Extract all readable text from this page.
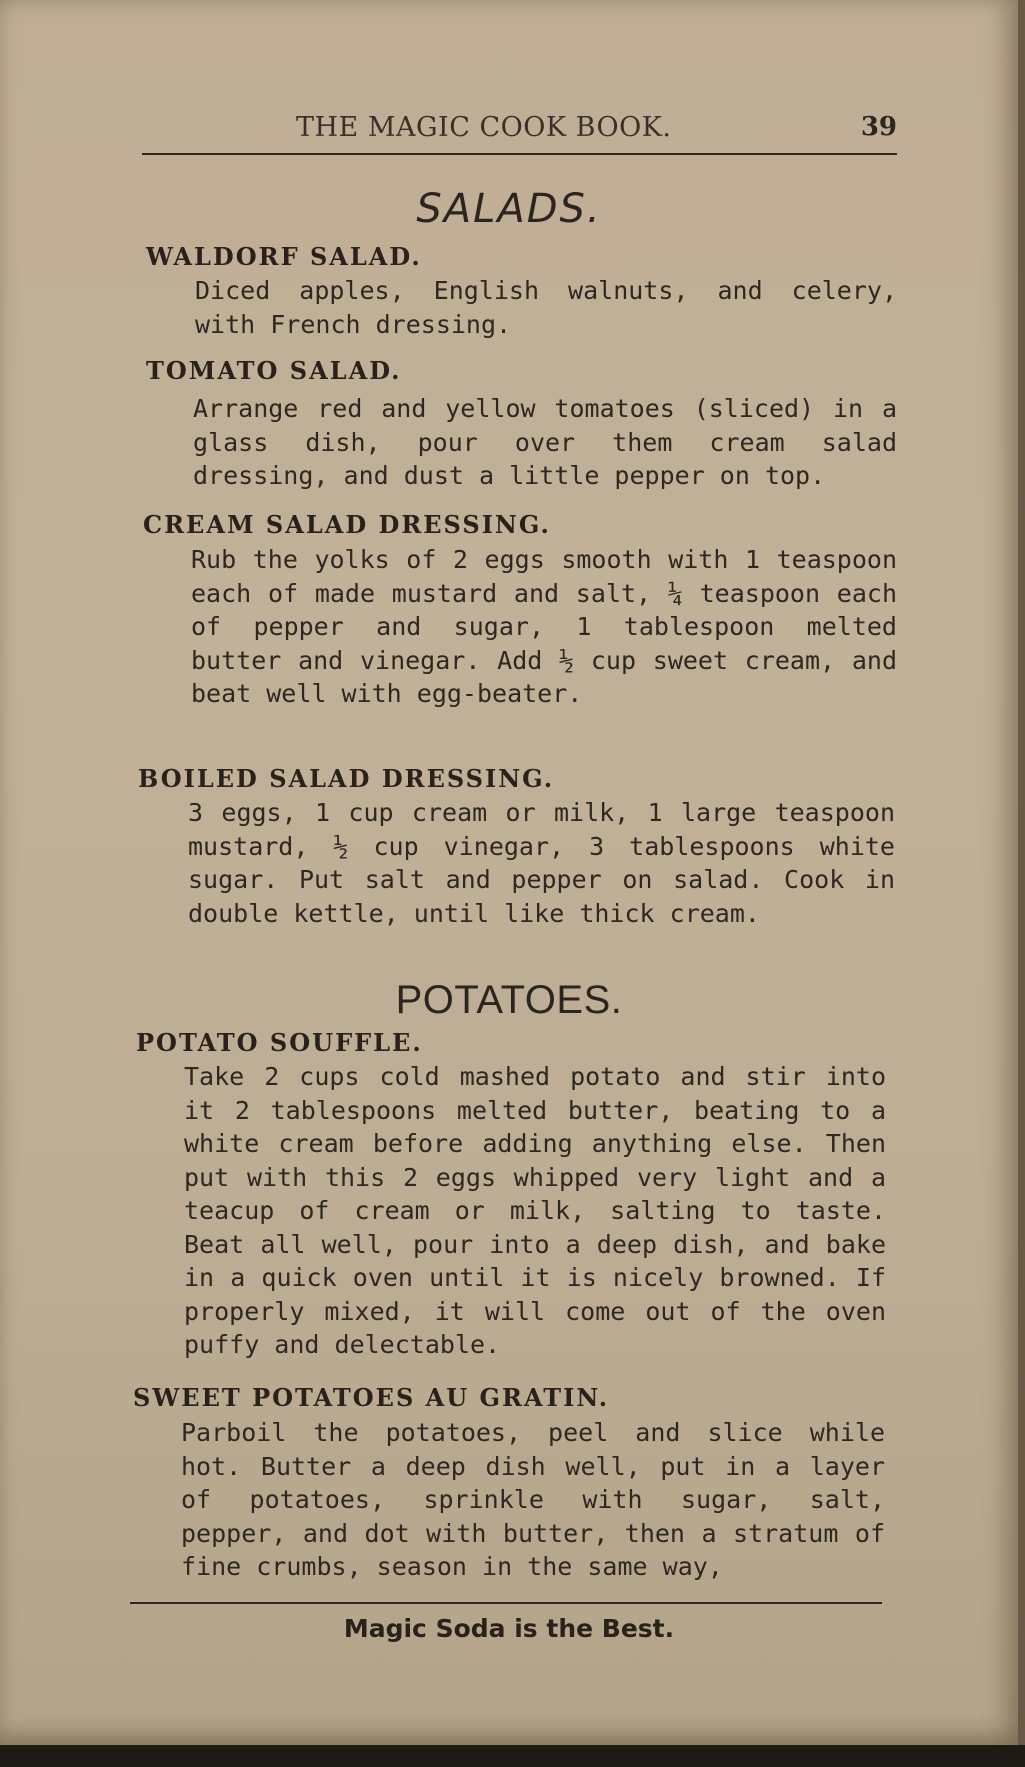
THE MAGIC COOK BOOK.	39
SALADS.
WALDORF SALAD.

Diced apples, English walnuts, and celery, with French dressing.

TOMATO SALAD.

Arrange red and yellow tomatoes (sliced) in a glass dish, pour over them cream salad dressing, and dust a little pepper on top.

CREAM SALAD DRESSING.

Rub the yolks of 2 eggs smooth with 1 teaspoon each of made mustard and salt, ¼ teaspoon each of pepper and sugar, 1 tablespoon melted butter and vinegar. Add ½ cup sweet cream, and beat well with egg-beater.

BOILED SALAD DRESSING.

3 eggs, 1 cup cream or milk, 1 large teaspoon mustard, ½ cup vinegar, 3 tablespoons white sugar. Put salt and pepper on salad. Cook in double kettle, until like thick cream.

POTATOES.
POTATO SOUFFLE.

Take 2 cups cold mashed potato and stir into it 2 tablespoons melted butter, beating to a white cream before adding anything else. Then put with this 2 eggs whipped very light and a teacup of cream or milk, salting to taste. Beat all well, pour into a deep dish, and bake in a quick oven until it is nicely browned. If properly mixed, it will come out of the oven puffy and delectable.

SWEET POTATOES AU GRATIN.

Parboil the potatoes, peel and slice while hot. Butter a deep dish well, put in a layer of potatoes, sprinkle with sugar, salt, pepper, and dot with butter, then a stratum of fine crumbs, season in the same way,

Magic Soda is the Best.
